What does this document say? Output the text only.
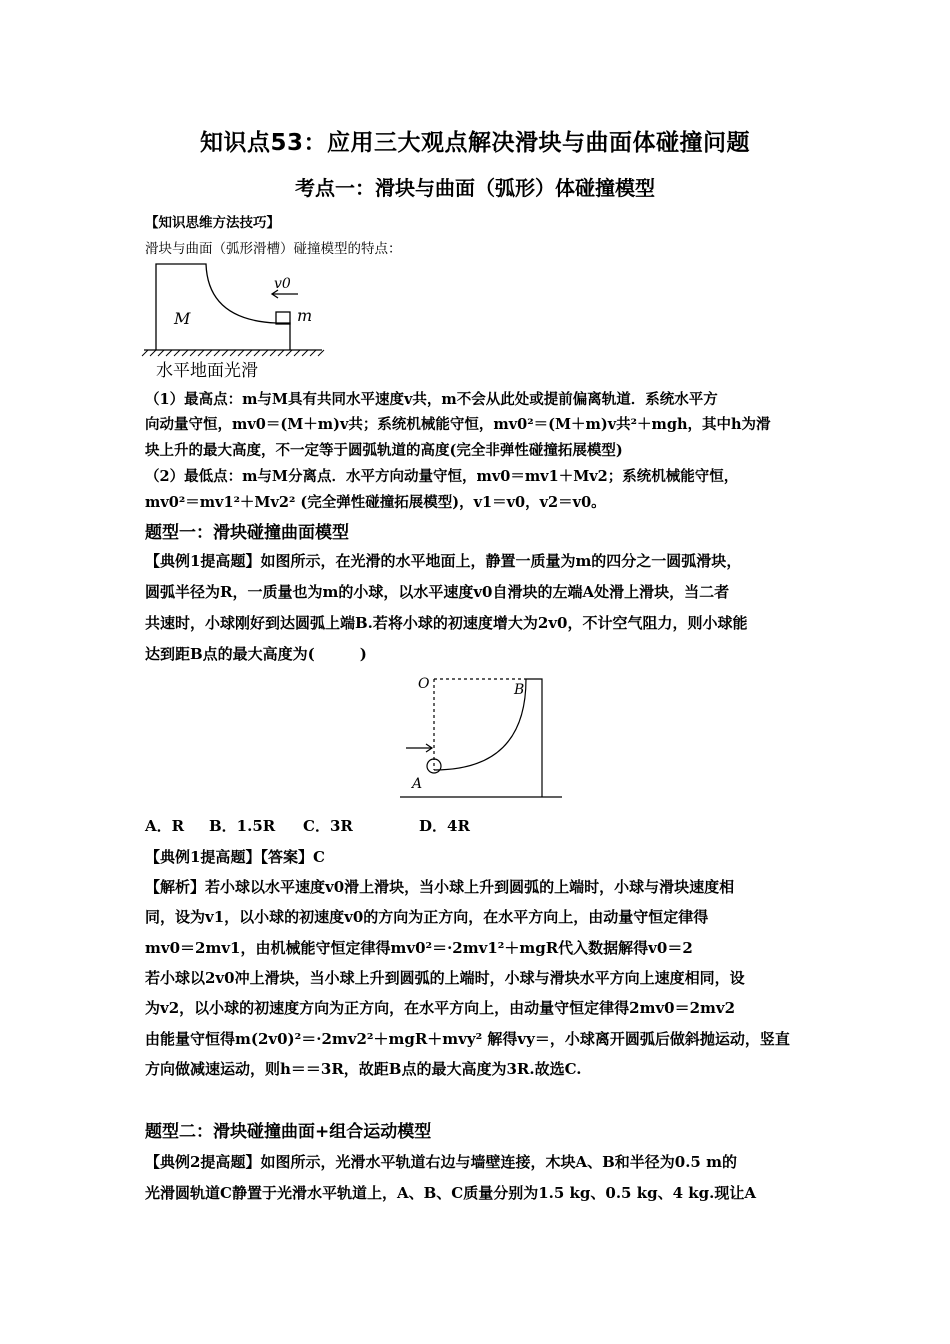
知识点53：应用三大观点解决滑块与曲面体碰撞问题
考点一：滑块与曲面（弧形）体碰撞模型
【知识思维方法技巧】
滑块与曲面（弧形滑槽）碰撞模型的特点：
v0
M	m
水平地面光滑
（1）最高点：m与M具有共同水平速度v共，m不会从此处或提前偏离轨道．系统水平方
向动量守恒，mv0＝(M＋m)v共；系统机械能守恒，mv0²＝(M＋m)v共²＋mgh，其中h为滑
块上升的最大高度，不一定等于圆弧轨道的高度(完全非弹性碰撞拓展模型)
（2）最低点：m与M分离点．水平方向动量守恒，mv0＝mv1＋Mv2；系统机械能守恒，
mv0²＝mv1²＋Mv2² (完全弹性碰撞拓展模型)，v1＝v0，v2＝v0。
题型一：滑块碰撞曲面模型
【典例1提高题】如图所示，在光滑的水平地面上，静置一质量为m的四分之一圆弧滑块，
圆弧半径为R，一质量也为m的小球，以水平速度v0自滑块的左端A处滑上滑块，当二者
共速时，小球刚好到达圆弧上端B.若将小球的初速度增大为2v0，不计空气阻力，则小球能
达到距B点的最大高度为(　　　)
O	B
A
A．R B．1.5R C．3R	D．4R
【典例1提高题】【答案】C
【解析】若小球以水平速度v0滑上滑块，当小球上升到圆弧的上端时，小球与滑块速度相
同，设为v1，以小球的初速度v0的方向为正方向，在水平方向上，由动量守恒定律得
mv0＝2mv1，由机械能守恒定律得mv0²＝·2mv1²＋mgR代入数据解得v0＝2
若小球以2v0冲上滑块，当小球上升到圆弧的上端时，小球与滑块水平方向上速度相同，设
为v2，以小球的初速度方向为正方向，在水平方向上，由动量守恒定律得2mv0＝2mv2
由能量守恒得m(2v0)²＝·2mv2²＋mgR＋mvy² 解得vy＝，小球离开圆弧后做斜抛运动，竖直
方向做减速运动，则h＝＝3R，故距B点的最大高度为3R.故选C.
题型二：滑块碰撞曲面+组合运动模型
【典例2提高题】如图所示，光滑水平轨道右边与墙壁连接，木块A、B和半径为0.5 m的
光滑圆轨道C静置于光滑水平轨道上，A、B、C质量分别为1.5 kg、0.5 kg、4 kg.现让A
